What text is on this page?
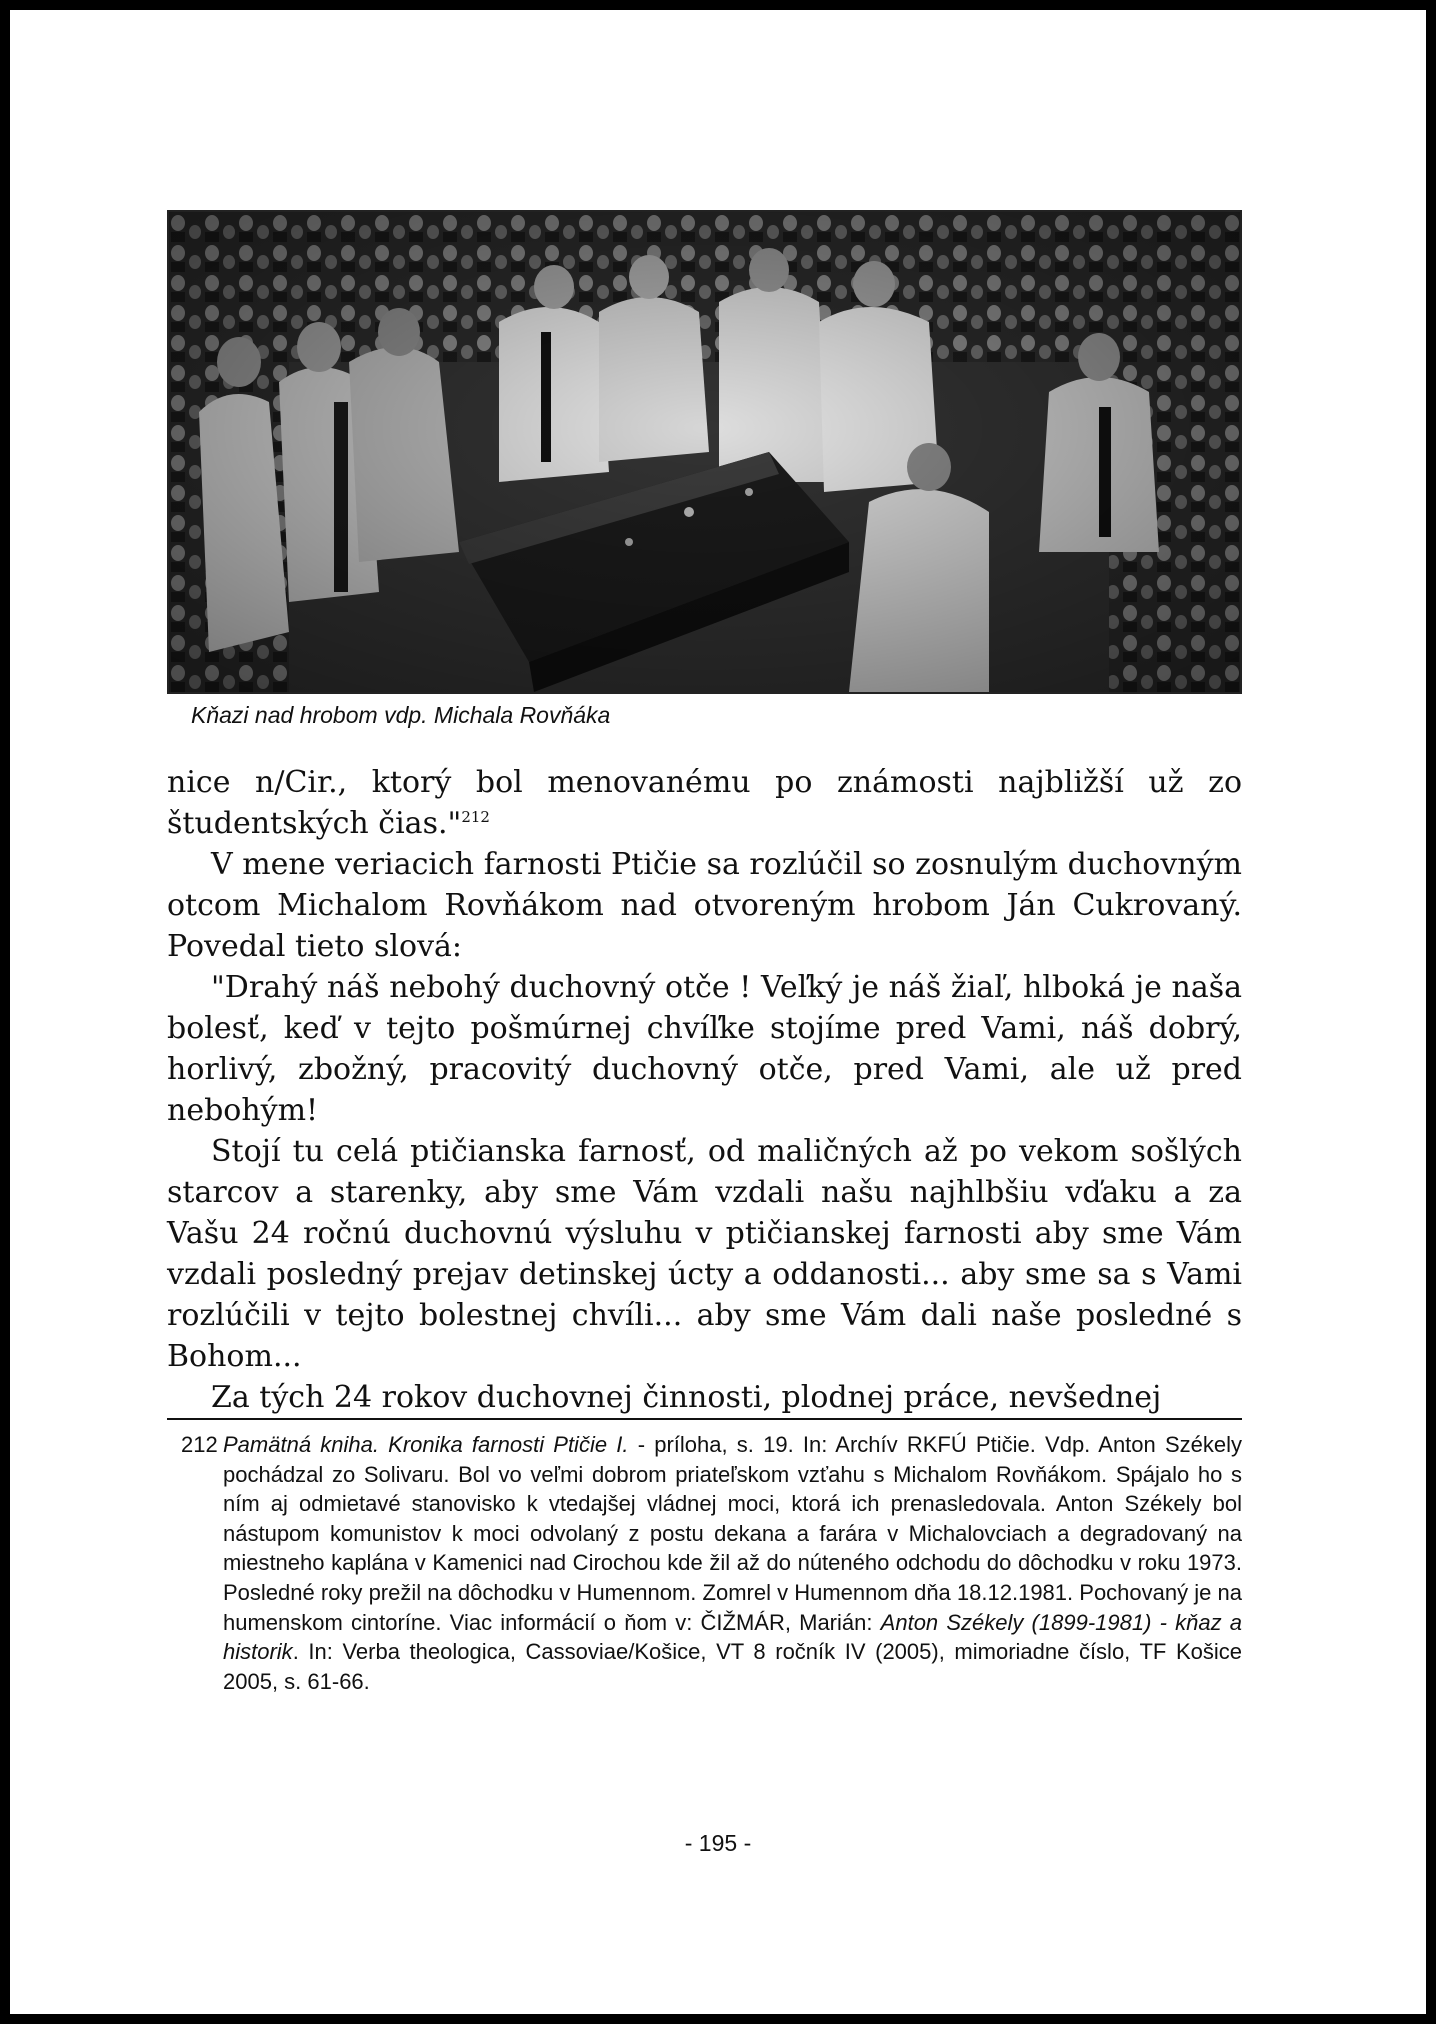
Kňazi nad hrobom vdp. Michala Rovňáka

nice n/Cir., ktorý bol menovanému po známosti najbližší už zo študentských čias."$^{212}$

V mene veriacich farnosti Ptičie sa rozlúčil so zosnulým duchovným otcom Michalom Rovňákom nad otvoreným hrobom Ján Cukrovaný. Povedal tieto slová:

"Drahý náš nebohý duchovný otče ! Veľký je náš žiaľ, hlboká je naša bolesť, keď v tejto pošmúrnej chvíľke stojíme pred Vami, náš dobrý, horlivý, zbožný, pracovitý duchovný otče, pred Vami, ale už pred nebohým!

Stojí tu celá ptičianska farnosť, od maličných až po vekom sošlých starcov a starenky, aby sme Vám vzdali našu najhlbšiu vďaku a za Vašu 24 ročnú duchovnú výsluhu v ptičianskej farnosti aby sme Vám vzdali posledný prejav detinskej úcty a oddanosti... aby sme sa s Vami rozlúčili v tejto bolestnej chvíli... aby sme Vám dali naše posledné s Bohom...

Za tých 24 rokov duchovnej činnosti, plodnej práce, nevšednej

212 Pamätná kniha. Kronika farnosti Ptičie I. - príloha, s. 19. In: Archív RKFÚ Ptičie. Vdp. Anton Székely pochádzal zo Solivaru. Bol vo veľmi dobrom priateľskom vzťahu s Michalom Rovňákom. Spájalo ho s ním aj odmietavé stanovisko k vtedajšej vládnej moci, ktorá ich prenasledovala. Anton Székely bol nástupom komunistov k moci odvolaný z postu dekana a farára v Michalovciach a degradovaný na miestneho kaplána v Kamenici nad Cirochou kde žil až do núteného odchodu do dôchodku v roku 1973. Posledné roky prežil na dôchodku v Humennom. Zomrel v Humennom dňa 18.12.1981. Pochovaný je na humenskom cintoríne. Viac informácií o ňom v: ČIŽMÁR, Marián: Anton Székely (1899-1981) - kňaz a historik. In: Verba theologica, Cassoviae/Košice, VT 8 ročník IV (2005), mimoriadne číslo, TF Košice 2005, s. 61-66.
- 195 -
